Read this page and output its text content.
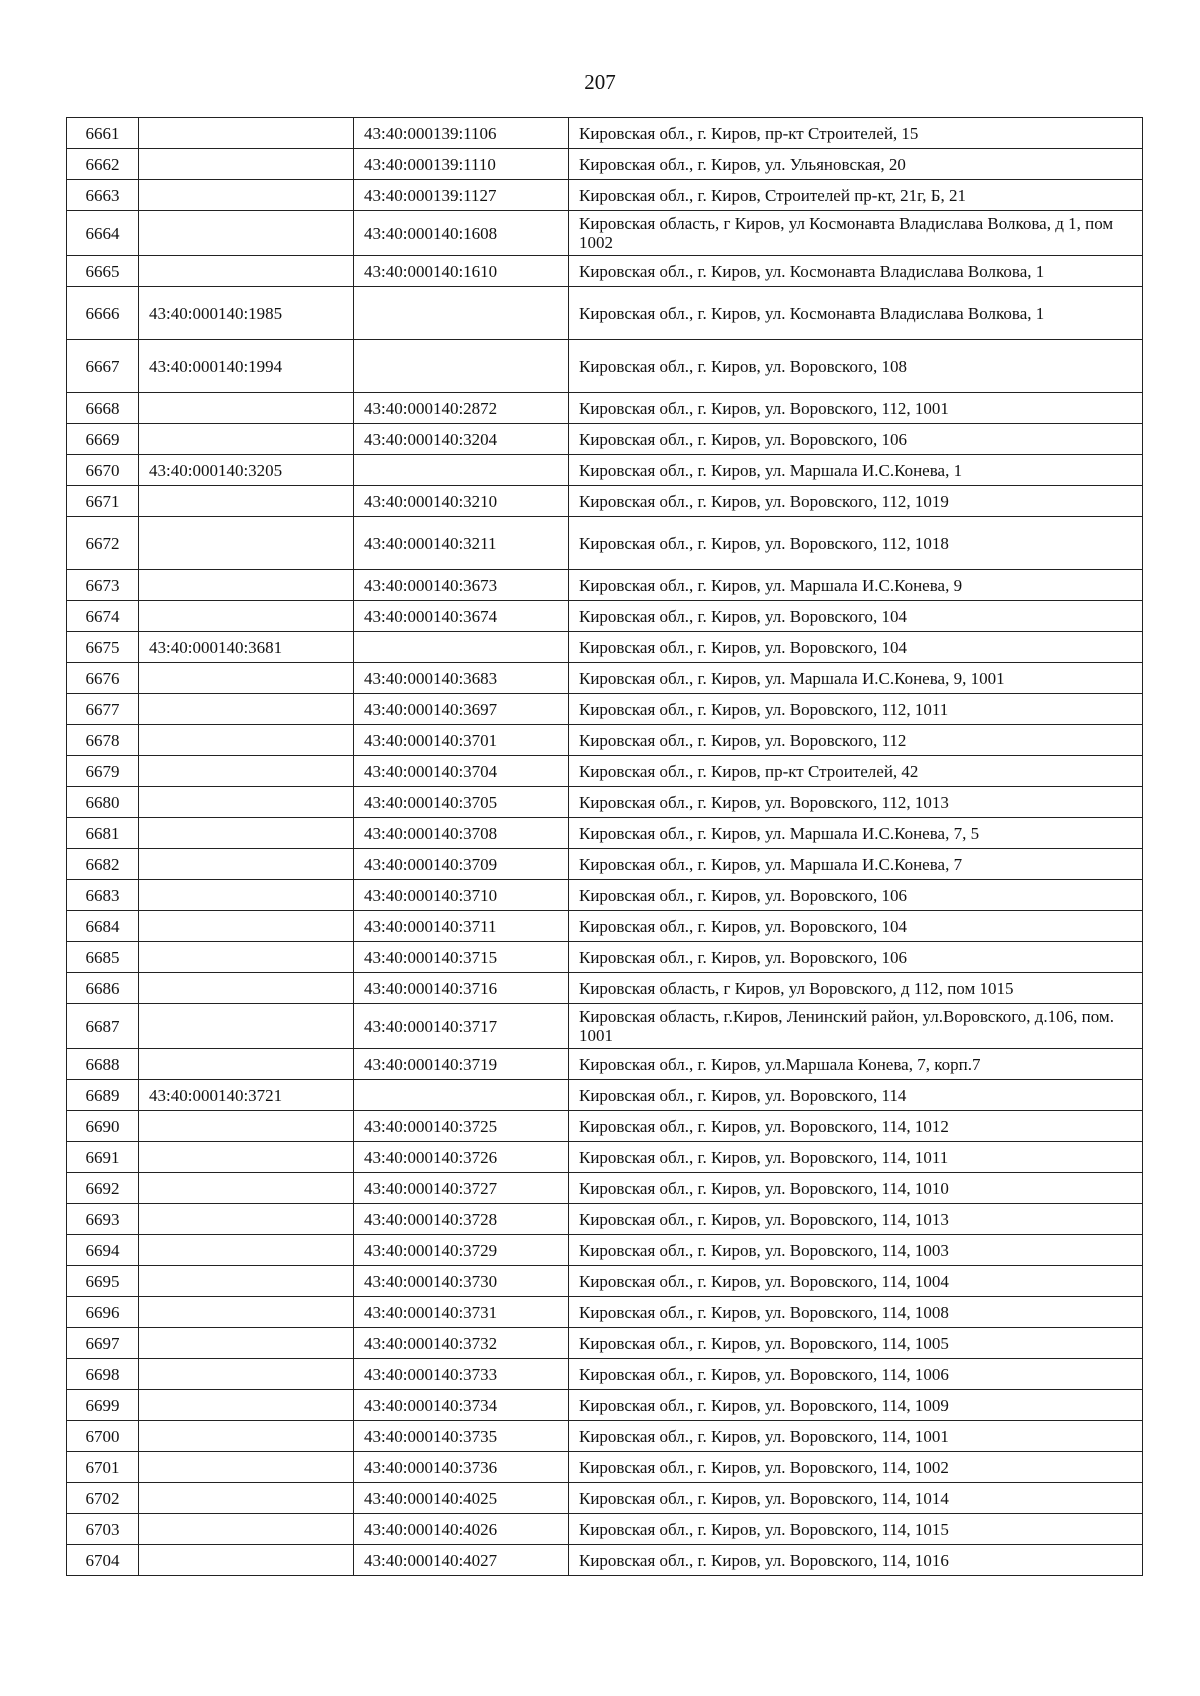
207
6661		43:40:000139:1106	Кировская обл., г. Киров, пр-кт Строителей, 15
6662		43:40:000139:1110	Кировская обл., г. Киров, ул. Ульяновская, 20
6663		43:40:000139:1127	Кировская обл., г. Киров, Строителей пр-кт, 21г, Б, 21
6664		43:40:000140:1608	Кировская область, г Киров, ул Космонавта Владислава Волкова, д 1, пом 1002
6665		43:40:000140:1610	Кировская обл., г. Киров, ул. Космонавта Владислава Волкова, 1
6666	43:40:000140:1985		Кировская обл., г. Киров, ул. Космонавта Владислава Волкова, 1
6667	43:40:000140:1994		Кировская обл., г. Киров, ул. Воровского, 108
6668		43:40:000140:2872	Кировская обл., г. Киров, ул. Воровского, 112, 1001
6669		43:40:000140:3204	Кировская обл., г. Киров, ул. Воровского, 106
6670	43:40:000140:3205		Кировская обл., г. Киров, ул. Маршала И.С.Конева, 1
6671		43:40:000140:3210	Кировская обл., г. Киров, ул. Воровского, 112, 1019
6672		43:40:000140:3211	Кировская обл., г. Киров, ул. Воровского, 112, 1018
6673		43:40:000140:3673	Кировская обл., г. Киров, ул. Маршала И.С.Конева, 9
6674		43:40:000140:3674	Кировская обл., г. Киров, ул. Воровского, 104
6675	43:40:000140:3681		Кировская обл., г. Киров, ул. Воровского, 104
6676		43:40:000140:3683	Кировская обл., г. Киров, ул. Маршала И.С.Конева, 9, 1001
6677		43:40:000140:3697	Кировская обл., г. Киров, ул. Воровского, 112, 1011
6678		43:40:000140:3701	Кировская обл., г. Киров, ул. Воровского, 112
6679		43:40:000140:3704	Кировская обл., г. Киров, пр-кт Строителей, 42
6680		43:40:000140:3705	Кировская обл., г. Киров, ул. Воровского, 112, 1013
6681		43:40:000140:3708	Кировская обл., г. Киров, ул. Маршала И.С.Конева, 7, 5
6682		43:40:000140:3709	Кировская обл., г. Киров, ул. Маршала И.С.Конева, 7
6683		43:40:000140:3710	Кировская обл., г. Киров, ул. Воровского, 106
6684		43:40:000140:3711	Кировская обл., г. Киров, ул. Воровского, 104
6685		43:40:000140:3715	Кировская обл., г. Киров, ул. Воровского, 106
6686		43:40:000140:3716	Кировская область, г Киров, ул Воровского, д 112, пом 1015
6687		43:40:000140:3717	Кировская область, г.Киров, Ленинский район, ул.Воровского, д.106, пом. 1001
6688		43:40:000140:3719	Кировская обл., г. Киров, ул.Маршала Конева, 7, корп.7
6689	43:40:000140:3721		Кировская обл., г. Киров, ул. Воровского, 114
6690		43:40:000140:3725	Кировская обл., г. Киров, ул. Воровского, 114, 1012
6691		43:40:000140:3726	Кировская обл., г. Киров, ул. Воровского, 114, 1011
6692		43:40:000140:3727	Кировская обл., г. Киров, ул. Воровского, 114, 1010
6693		43:40:000140:3728	Кировская обл., г. Киров, ул. Воровского, 114, 1013
6694		43:40:000140:3729	Кировская обл., г. Киров, ул. Воровского, 114, 1003
6695		43:40:000140:3730	Кировская обл., г. Киров, ул. Воровского, 114, 1004
6696		43:40:000140:3731	Кировская обл., г. Киров, ул. Воровского, 114, 1008
6697		43:40:000140:3732	Кировская обл., г. Киров, ул. Воровского, 114, 1005
6698		43:40:000140:3733	Кировская обл., г. Киров, ул. Воровского, 114, 1006
6699		43:40:000140:3734	Кировская обл., г. Киров, ул. Воровского, 114, 1009
6700		43:40:000140:3735	Кировская обл., г. Киров, ул. Воровского, 114, 1001
6701		43:40:000140:3736	Кировская обл., г. Киров, ул. Воровского, 114, 1002
6702		43:40:000140:4025	Кировская обл., г. Киров, ул. Воровского, 114, 1014
6703		43:40:000140:4026	Кировская обл., г. Киров, ул. Воровского, 114, 1015
6704		43:40:000140:4027	Кировская обл., г. Киров, ул. Воровского, 114, 1016
